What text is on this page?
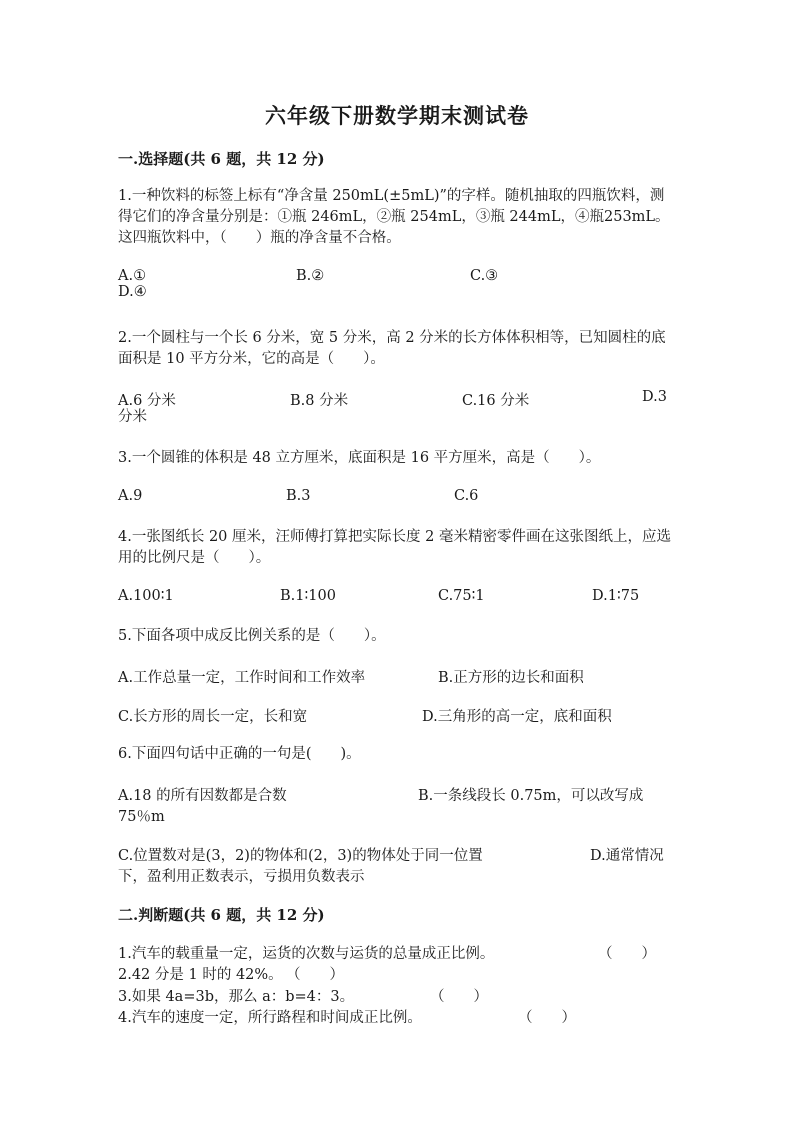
六年级下册数学期末测试卷
一.选择题(共 6 题，共 12 分)
1.一种饮料的标签上标有“净含量 250mL(±5mL)”的字样。随机抽取的四瓶饮料，测得它们的净含量分别是：①瓶 246mL，②瓶 254mL，③瓶 244mL，④瓶253mL。这四瓶饮料中，（　　）瓶的净含量不合格。
A.①	B.②	C.③
D.④
2.一个圆柱与一个长 6 分米，宽 5 分米，高 2 分米的长方体体积相等，已知圆柱的底面积是 10 平方分米，它的高是（　　）。
A.6 分米	B.8 分米	C.16 分米	D.3 分米
3.一个圆锥的体积是 48 立方厘米，底面积是 16 平方厘米，高是（　　）。
A.9	B.3	C.6
4.一张图纸长 20 厘米，汪师傅打算把实际长度 2 毫米精密零件画在这张图纸上，应选用的比例尺是（　　）。
A.100∶1	B.1∶100	C.75∶1	D.1∶75
5.下面各项中成反比例关系的是（　　）。
A.工作总量一定，工作时间和工作效率	B.正方形的边长和面积
C.长方形的周长一定，长和宽	D.三角形的高一定，底和面积
6.下面四句话中正确的一句是(　　)。
A.18 的所有因数都是合数	B.一条线段长 0.75m，可以改写成 75％m
C.位置数对是(3，2)的物体和(2，3)的物体处于同一位置	D.通常情况下，盈利用正数表示，亏损用负数表示
二.判断题(共 6 题，共 12 分)
1.汽车的载重量一定，运货的次数与运货的总量成正比例。	（　　）
2.42 分是 1 时的 42%。 （　　）
3.如果 4a=3b，那么 a：b=4：3。	（　　）
4.汽车的速度一定，所行路程和时间成正比例。	（　　）
